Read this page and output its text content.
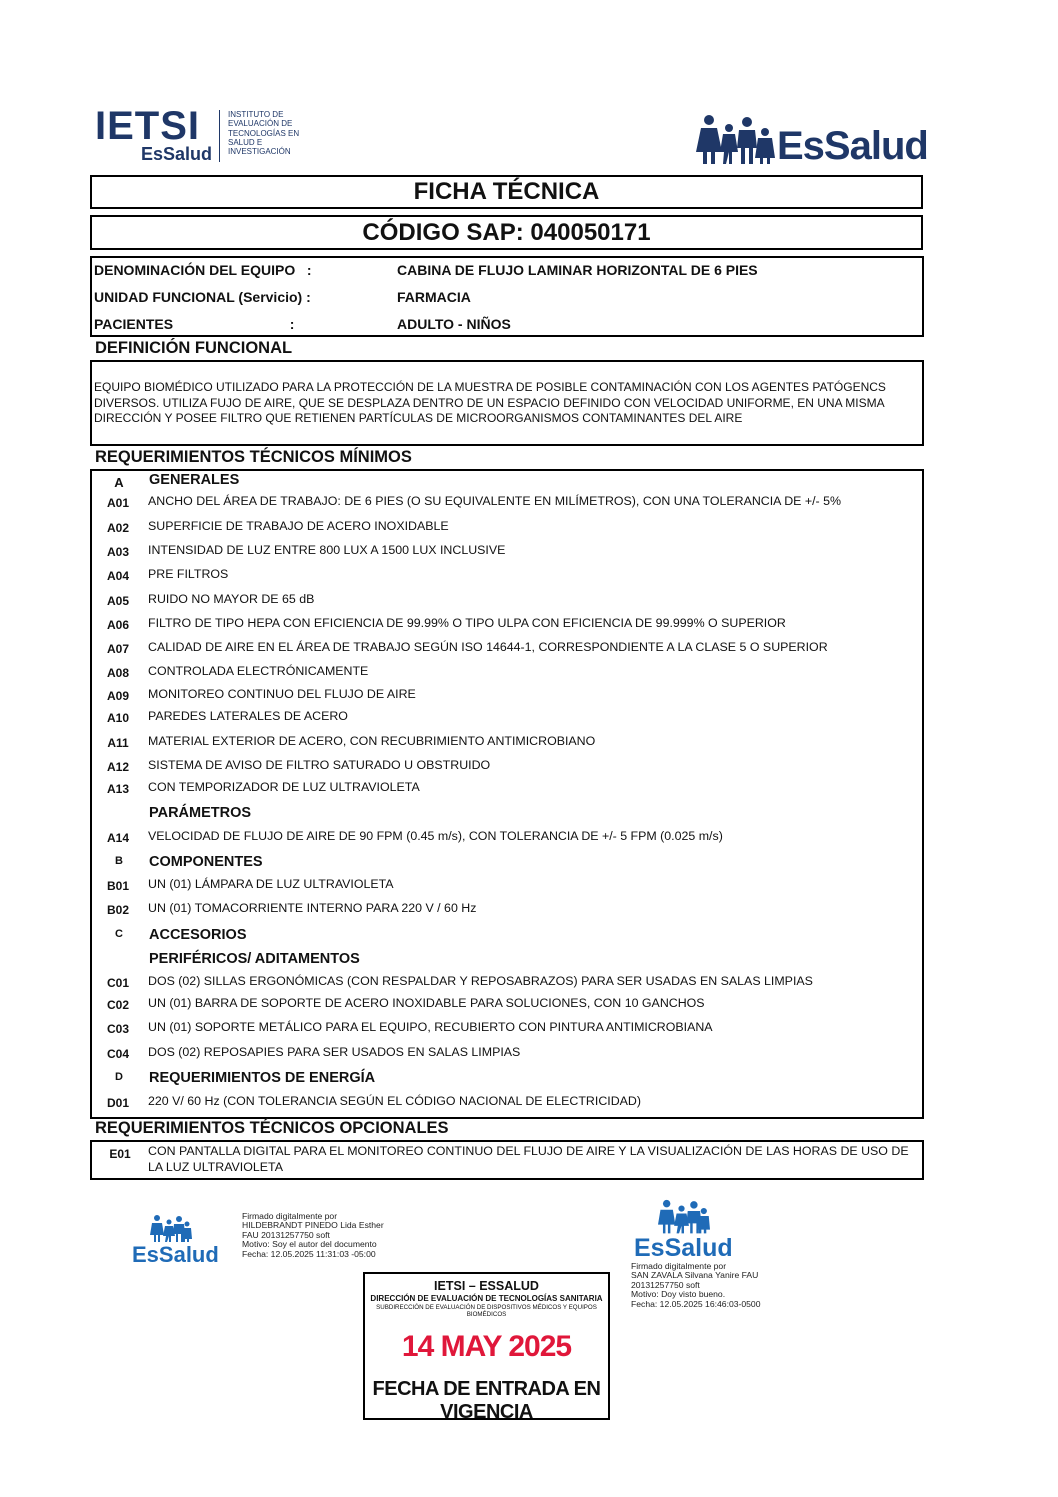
IETSI
EsSalud
INSTITUTO DE
EVALUACIÓN DE
TECNOLOGÍAS EN
SALUD E
INVESTIGACIÓN	EsSalud
FICHA TÉCNICA
CÓDIGO SAP: 040050171
DENOMINACIÓN DEL EQUIPO   :	CABINA DE FLUJO LAMINAR HORIZONTAL DE 6 PIES
UNIDAD FUNCIONAL (Servicio) :	FARMACIA
PACIENTES                              :	ADULTO - NIÑOS
DEFINICIÓN FUNCIONAL
EQUIPO BIOMÉDICO UTILIZADO PARA LA PROTECCIÓN DE LA MUESTRA DE POSIBLE CONTAMINACIÓN CON LOS AGENTES PATÓGENCS DIVERSOS. UTILIZA FUJO DE AIRE, QUE SE DESPLAZA DENTRO DE UN ESPACIO DEFINIDO CON VELOCIDAD UNIFORME, EN UNA MISMA DIRECCIÓN Y POSEE FILTRO QUE RETIENEN PARTÍCULAS DE MICROORGANISMOS CONTAMINANTES DEL AIRE
REQUERIMIENTOS TÉCNICOS MÍNIMOS
A	GENERALES
A01	ANCHO DEL ÁREA DE TRABAJO: DE 6 PIES (O SU EQUIVALENTE EN MILÍMETROS), CON UNA TOLERANCIA DE +/- 5%
A02	SUPERFICIE DE TRABAJO DE ACERO INOXIDABLE
A03	INTENSIDAD DE LUZ ENTRE 800 LUX A 1500 LUX INCLUSIVE
A04	PRE FILTROS
A05	RUIDO NO MAYOR DE 65 dB
A06	FILTRO DE TIPO HEPA CON EFICIENCIA DE 99.99% O TIPO ULPA CON EFICIENCIA DE 99.999% O SUPERIOR
A07	CALIDAD DE AIRE EN EL ÁREA DE TRABAJO SEGÚN ISO 14644-1, CORRESPONDIENTE A LA CLASE 5 O SUPERIOR
A08	CONTROLADA ELECTRÓNICAMENTE
A09	MONITOREO CONTINUO DEL FLUJO DE AIRE
A10	PAREDES LATERALES DE ACERO
A11	MATERIAL EXTERIOR DE ACERO, CON RECUBRIMIENTO ANTIMICROBIANO
A12	SISTEMA DE AVISO DE FILTRO SATURADO U OBSTRUIDO
A13	CON TEMPORIZADOR DE LUZ ULTRAVIOLETA
PARÁMETROS
A14	VELOCIDAD DE FLUJO DE AIRE DE 90 FPM (0.45 m/s), CON TOLERANCIA DE +/- 5 FPM (0.025 m/s)
B	COMPONENTES
B01	UN (01) LÁMPARA DE LUZ ULTRAVIOLETA
B02	UN (01) TOMACORRIENTE INTERNO PARA 220 V / 60 Hz
C	ACCESORIOS
PERIFÉRICOS/ ADITAMENTOS
C01	DOS (02) SILLAS ERGONÓMICAS (CON RESPALDAR Y REPOSABRAZOS) PARA SER USADAS EN SALAS LIMPIAS
C02	UN (01) BARRA DE SOPORTE DE ACERO INOXIDABLE PARA SOLUCIONES, CON 10 GANCHOS
C03	UN (01) SOPORTE METÁLICO PARA EL EQUIPO, RECUBIERTO CON PINTURA ANTIMICROBIANA
C04	DOS (02) REPOSAPIES PARA SER USADOS EN SALAS LIMPIAS
D	REQUERIMIENTOS DE ENERGÍA
D01	220 V/ 60 Hz (CON TOLERANCIA SEGÚN EL CÓDIGO NACIONAL DE ELECTRICIDAD)
REQUERIMIENTOS TÉCNICOS OPCIONALES
E01	CON PANTALLA DIGITAL PARA EL MONITOREO CONTINUO DEL FLUJO DE AIRE Y LA VISUALIZACIÓN DE LAS HORAS DE USO DE LA LUZ ULTRAVIOLETA
EsSalud
Firmado digitalmente por
HILDEBRANDT PINEDO Lida Esther
FAU 20131257750 soft
Motivo: Soy el autor del documento
Fecha: 12.05.2025 11:31:03 -05:00	EsSalud
Firmado digitalmente por
SAN ZAVALA Silvana Yanire FAU
20131257750 soft
Motivo: Doy visto bueno.
Fecha: 12.05.2025 16:46:03-0500
IETSI – ESSALUD
DIRECCIÓN DE EVALUACIÓN DE TECNOLOGÍAS SANITARIA
SUBDIRECCIÓN DE EVALUACIÓN DE DISPOSITIVOS MÉDICOS Y EQUIPOS BIOMÉDICOS
14 MAY 2025
FECHA DE ENTRADA EN VIGENCIA
